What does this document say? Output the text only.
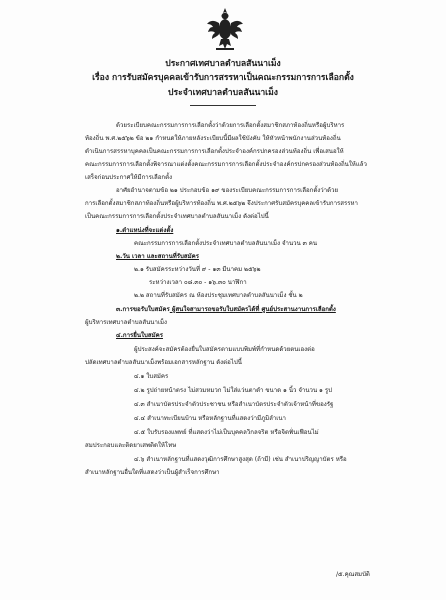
ประกาศเทศบาลตำบลสันนาเม็ง
เรื่อง การรับสมัครบุคคลเข้ารับการสรรหาเป็นคณะกรรมการการเลือกตั้ง
ประจำเทศบาลตำบลสันนาเม็ง
ด้วยระเบียบคณะกรรมการการเลือกตั้งว่าด้วยการเลือกตั้งสมาชิกสภาท้องถิ่นหรือผู้บริหาร
ท้องถิ่น พ.ศ.๒๕๖๒ ข้อ ๒๑ กำหนดให้ภายหลังระเบียบนี้มีผลใช้บังคับ ให้หัวหน้าพนักงานส่วนท้องถิ่น
ดำเนินการสรรหาบุคคลเป็นคณะกรรมการการเลือกตั้งประจำองค์กรปกครองส่วนท้องถิ่น เพื่อเสนอให้
คณะกรรมการการเลือกตั้งพิจารณาแต่งตั้งคณะกรรมการการเลือกตั้งประจำองค์กรปกครองส่วนท้องถิ่นให้แล้ว
เสร็จก่อนประกาศให้มีการเลือกตั้ง
อาศัยอำนาจตามข้อ ๒๑ ประกอบข้อ ๑๙ ของระเบียบคณะกรรมการการเลือกตั้งว่าด้วย
การเลือกตั้งสมาชิกสภาท้องถิ่นหรือผู้บริหารท้องถิ่น พ.ศ.๒๕๖๒ จึงประกาศรับสมัครบุคคลเข้ารับการสรรหา
เป็นคณะกรรมการการเลือกตั้งประจำเทศบาลตำบลสันนาเม็ง ดังต่อไปนี้
๑.ตำแหน่งที่จะแต่งตั้ง
คณะกรรมการการเลือกตั้งประจำเทศบาลตำบลสันนาเม็ง จำนวน ๓ คน
๒.วัน เวลา และสถานที่รับสมัคร
๒.๑ รับสมัครระหว่างวันที่ ๙ - ๑๓ มีนาคม ๒๕๖๒
ระหว่างเวลา ๐๘.๓๐ - ๑๖.๓๐ นาฬิกา
๒.๒ สถานที่รับสมัคร ณ ห้องประชุมเทศบาลตำบลสันนาเม็ง ชั้น ๒
๓.การขอรับใบสมัคร ผู้สนใจสามารถขอรับใบสมัครได้ที่ ศูนย์ประสานงานการเลือกตั้ง
ผู้บริหารเทศบาลตำบลสันนาเม็ง
๔.การยื่นใบสมัคร
ผู้ประสงค์จะสมัครต้องยื่นใบสมัครตามแบบพิมพ์ที่กำหนดด้วยตนเองต่อ
ปลัดเทศบาลตำบลสันนาเม็งพร้อมเอกสารหลักฐาน ดังต่อไปนี้
๔.๑ ใบสมัคร
๔.๒ รูปถ่ายหน้าตรง ไม่สวมหมวก ไม่ใส่แว่นตาดำ ขนาด ๑ นิ้ว จำนวน ๑ รูป
๔.๓ สำเนาบัตรประจำตัวประชาชน หรือสำเนาบัตรประจำตัวเจ้าหน้าที่ของรัฐ
๔.๔ สำเนาทะเบียนบ้าน หรือหลักฐานที่แสดงว่ามีภูมิลำเนา
๔.๕ ใบรับรองแพทย์ ที่แสดงว่าไม่เป็นบุคคลวิกลจริต หรือจิตฟั่นเฟือนไม่
สมประกอบและติดยาเสพติดให้โทษ
๔.๖ สำเนาหลักฐานที่แสดงวุฒิการศึกษาสูงสุด (ถ้ามี) เช่น สำเนาปริญญาบัตร หรือ
สำเนาหลักฐานอื่นใดที่แสดงว่าเป็นผู้สำเร็จการศึกษา
/๕.คุณสมบัติ
